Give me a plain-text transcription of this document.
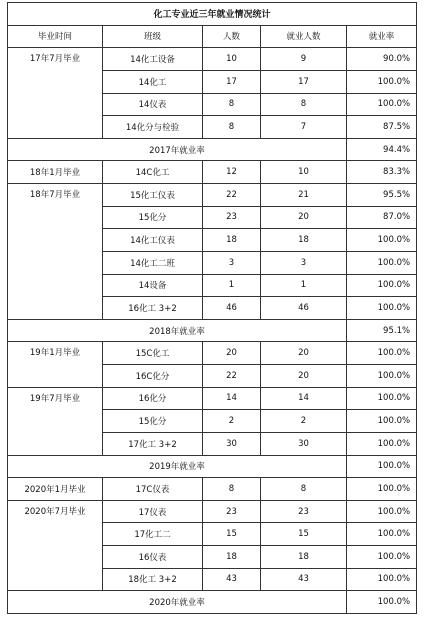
化工专业近三年就业情况统计				
毕业时间	班级	人数	就业人数	就业率
17年7月毕业	14化工设备	10	9	90.0%
	14化工	17	17	100.0%
	14仪表	8	8	100.0%
	14化分与检验	8	7	87.5%
2017年就业率				94.4%
18年1月毕业	14C化工	12	10	83.3%
18年7月毕业	15化工仪表	22	21	95.5%
	15化分	23	20	87.0%
	14化工仪表	18	18	100.0%
	14化工二班	3	3	100.0%
	14设备	1	1	100.0%
	16化工 3+2	46	46	100.0%
2018年就业率				95.1%
19年1月毕业	15C化工	20	20	100.0%
	16C化分	22	20	100.0%
19年7月毕业	16化分	14	14	100.0%
	15化分	2	2	100.0%
	17化工 3+2	30	30	100.0%
2019年就业率				100.0%
2020年1月毕业	17C仪表	8	8	100.0%
2020年7月毕业	17仪表	23	23	100.0%
	17化工二	15	15	100.0%
	16仪表	18	18	100.0%
	18化工 3+2	43	43	100.0%
2020年就业率				100.0%
